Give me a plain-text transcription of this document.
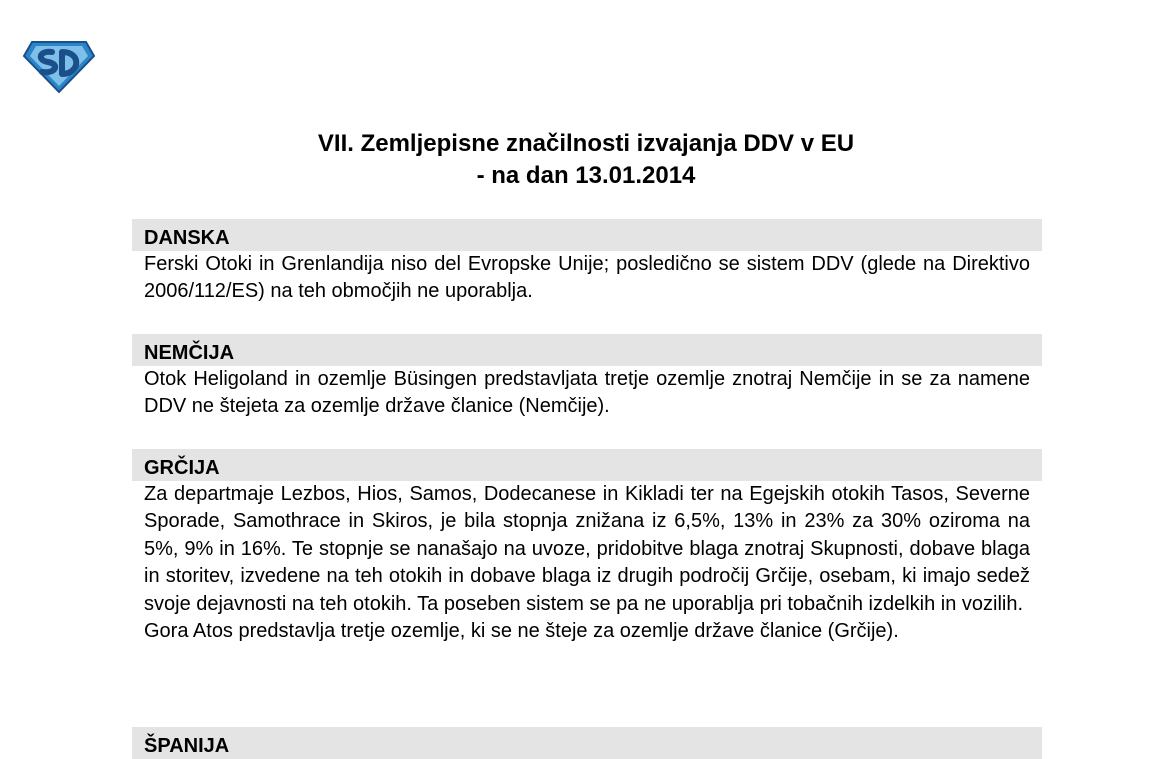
VII. Zemljepisne značilnosti izvajanja DDV v EU
- na dan 13.01.2014
DANSKA

Ferski Otoki in Grenlandija niso del Evropske Unije; posledično se sistem DDV (glede na Direktivo 2006/112/ES) na teh območjih ne uporablja.

NEMČIJA

Otok Heligoland in ozemlje Büsingen predstavljata tretje ozemlje znotraj Nemčije in se za namene DDV ne štejeta za ozemlje države članice (Nemčije).

GRČIJA

Za departmaje Lezbos, Hios, Samos, Dodecanese in Kikladi ter na Egejskih otokih Tasos, Severne Sporade, Samothrace in Skiros, je bila stopnja znižana iz 6,5%, 13% in 23% za 30% oziroma na 5%, 9% in 16%. Te stopnje se nanašajo na uvoze, pridobitve blaga znotraj Skupnosti, dobave blaga in storitev, izvedene na teh otokih in dobave blaga iz drugih področij Grčije, osebam, ki imajo sedež svoje dejavnosti na teh otokih. Ta poseben sistem se pa ne uporablja pri tobačnih izdelkih in vozilih.

Gora Atos predstavlja tretje ozemlje, ki se ne šteje za ozemlje države članice (Grčije).

ŠPANIJA
